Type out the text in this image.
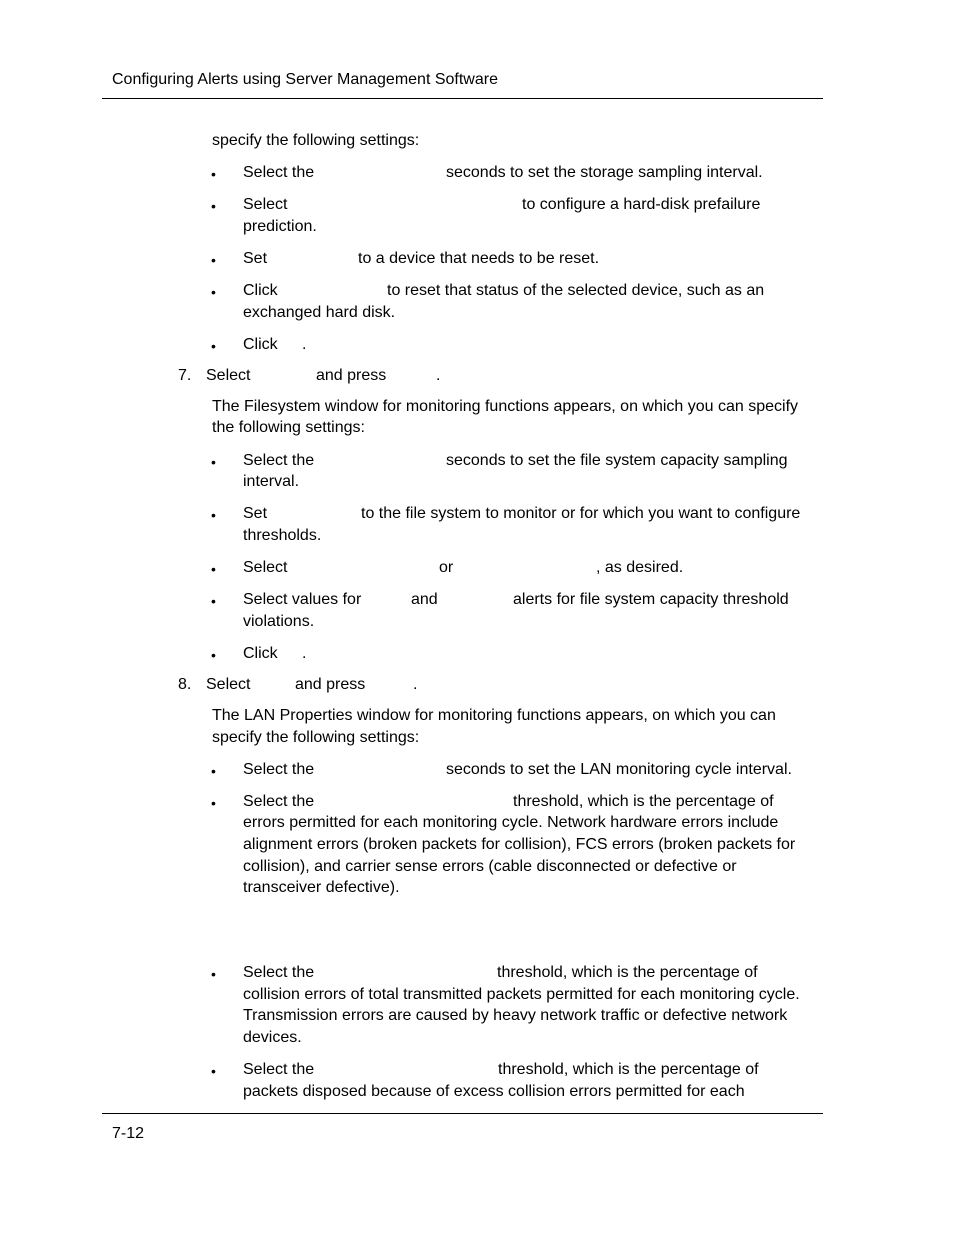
Configuring Alerts using Server Management Software
specify the following settings:
• Select the	seconds to set the storage sampling interval.
• Select	to configure a hard-disk prefailure
prediction.
• Set	to a device that needs to be reset.
• Click	to reset that status of the selected device, such as an
exchanged hard disk.
• Click .
7. Select	and press	.
The Filesystem window for monitoring functions appears, on which you can specify
the following settings:
• Select the	seconds to set the file system capacity sampling
interval.
• Set	to the file system to monitor or for which you want to configure
thresholds.
• Select	or	, as desired.
• Select values for	and	alerts for file system capacity threshold
violations.
• Click .
8. Select	and press	.
The LAN Properties window for monitoring functions appears, on which you can
specify the following settings:
• Select the	seconds to set the LAN monitoring cycle interval.
• Select the	threshold, which is the percentage of
errors permitted for each monitoring cycle. Network hardware errors include
alignment errors (broken packets for collision), FCS errors (broken packets for
collision), and carrier sense errors (cable disconnected or defective or
transceiver defective).
• Select the	threshold, which is the percentage of
collision errors of total transmitted packets permitted for each monitoring cycle.
Transmission errors are caused by heavy network traffic or defective network
devices.
• Select the	threshold, which is the percentage of
packets disposed because of excess collision errors permitted for each
7-12
